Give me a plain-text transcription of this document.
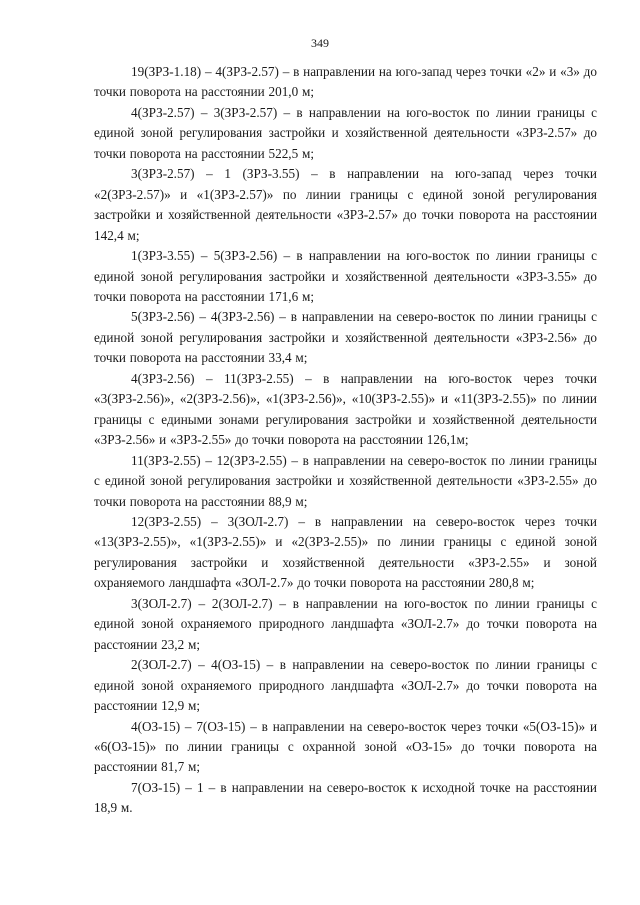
349

19(ЗРЗ-1.18) – 4(ЗРЗ-2.57) – в направлении на юго-запад через точки «2» и «3» до точки поворота на расстоянии 201,0 м;

4(ЗРЗ-2.57) – 3(ЗРЗ-2.57) – в направлении на юго-восток по линии границы с единой зоной регулирования застройки и хозяйственной деятельности «ЗРЗ-2.57» до точки поворота на расстоянии 522,5 м;

3(ЗРЗ-2.57) – 1 (ЗРЗ-3.55) – в направлении на юго-запад через точки «2(ЗРЗ-2.57)» и «1(ЗРЗ-2.57)» по линии границы с единой зоной регулирования застройки и хозяйственной деятельности «ЗРЗ-2.57» до точки поворота на расстоянии 142,4 м;

1(ЗРЗ-3.55) – 5(ЗРЗ-2.56) – в направлении на юго-восток по линии границы с единой зоной регулирования застройки и хозяйственной деятельности «ЗРЗ-3.55» до точки поворота на расстоянии 171,6 м;

5(ЗРЗ-2.56) – 4(ЗРЗ-2.56) – в направлении на северо-восток по линии границы с единой зоной регулирования застройки и хозяйственной деятельности «ЗРЗ-2.56» до точки поворота на расстоянии 33,4 м;

4(ЗРЗ-2.56) – 11(ЗРЗ-2.55) – в направлении на юго-восток через точки «3(ЗРЗ-2.56)», «2(ЗРЗ-2.56)», «1(ЗРЗ-2.56)», «10(ЗРЗ-2.55)» и «11(ЗРЗ-2.55)» по линии границы с едиными зонами регулирования застройки и хозяйственной деятельности «ЗРЗ-2.56» и «ЗРЗ-2.55» до точки поворота на расстоянии 126,1м;

11(ЗРЗ-2.55) – 12(ЗРЗ-2.55) – в направлении на северо-восток по линии границы с единой зоной регулирования застройки и хозяйственной деятельности «ЗРЗ-2.55» до точки поворота на расстоянии 88,9 м;

12(ЗРЗ-2.55) – 3(ЗОЛ-2.7) – в направлении на северо-восток через точки «13(ЗРЗ-2.55)», «1(ЗРЗ-2.55)» и «2(ЗРЗ-2.55)» по линии границы с единой зоной регулирования застройки и хозяйственной деятельности «ЗРЗ-2.55» и зоной охраняемого ландшафта «ЗОЛ-2.7» до точки поворота на расстоянии 280,8 м;

3(ЗОЛ-2.7) – 2(ЗОЛ-2.7) – в направлении на юго-восток по линии границы с единой зоной охраняемого природного ландшафта «ЗОЛ-2.7» до точки поворота на расстоянии 23,2 м;

2(ЗОЛ-2.7) – 4(ОЗ-15) – в направлении на северо-восток по линии границы с единой зоной охраняемого природного ландшафта «ЗОЛ-2.7» до точки поворота на расстоянии 12,9 м;

4(ОЗ-15) – 7(ОЗ-15) – в направлении на северо-восток через точки «5(ОЗ-15)» и «6(ОЗ-15)» по линии границы с охранной зоной «ОЗ-15» до точки поворота на расстоянии 81,7 м;

7(ОЗ-15) – 1 – в направлении на северо-восток к исходной точке на расстоянии 18,9 м.
